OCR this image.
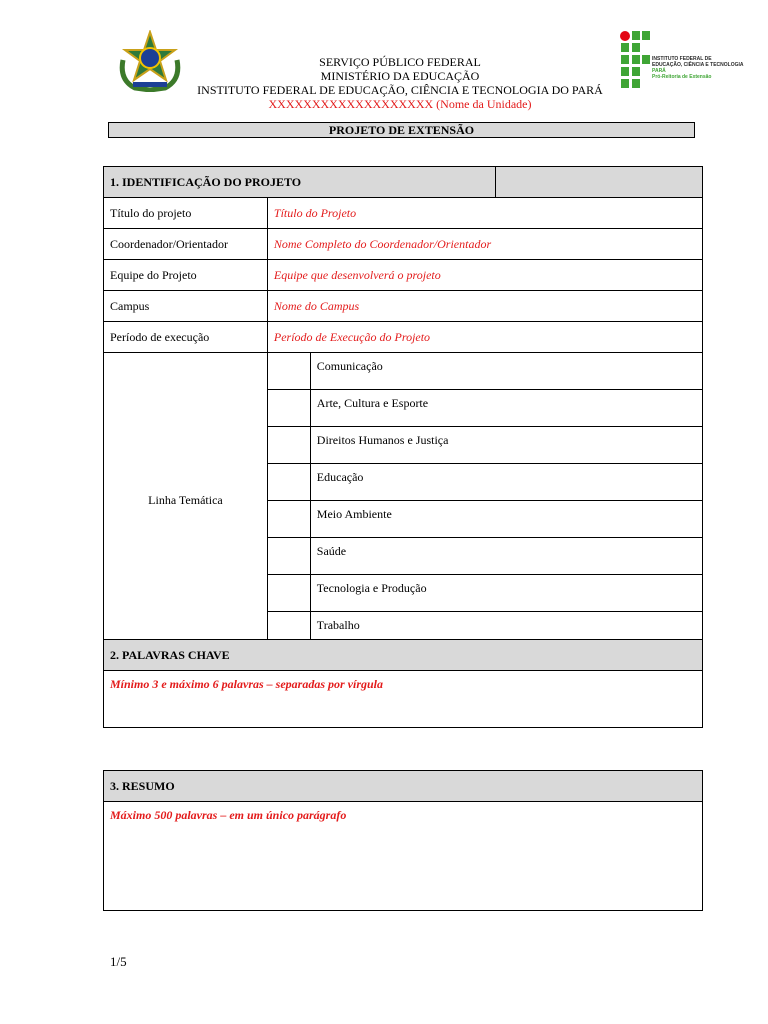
SERVIÇO PÚBLICO FEDERAL
MINISTÉRIO DA EDUCAÇÃO
INSTITUTO FEDERAL DE EDUCAÇÃO, CIÊNCIA E TECNOLOGIA DO PARÁ
XXXXXXXXXXXXXXXXXXX (Nome da Unidade)
INSTITUTO FEDERAL DE
EDUCAÇÃO, CIÊNCIA E TECNOLOGIA
PARÁ
Pró-Reitoria de Extensão
PROJETO DE EXTENSÃO
1. IDENTIFICAÇÃO DO PROJETO			
Título do projeto	Título do Projeto		
Coordenador/Orientador	Nome Completo do Coordenador/Orientador		
Equipe do Projeto	Equipe que desenvolverá o projeto		
Campus	Nome do Campus		
Período de execução	Período de Execução do Projeto		
Linha Temática		Comunicação	
		Arte, Cultura e Esporte	
		Direitos Humanos e Justiça	
		Educação	
		Meio Ambiente	
		Saúde	
		Tecnologia e Produção	
		Trabalho	
2. PALAVRAS CHAVE
Mínimo 3 e máximo 6 palavras – separadas por vírgula
3. RESUMO
Máximo 500 palavras – em um único parágrafo
1/5
